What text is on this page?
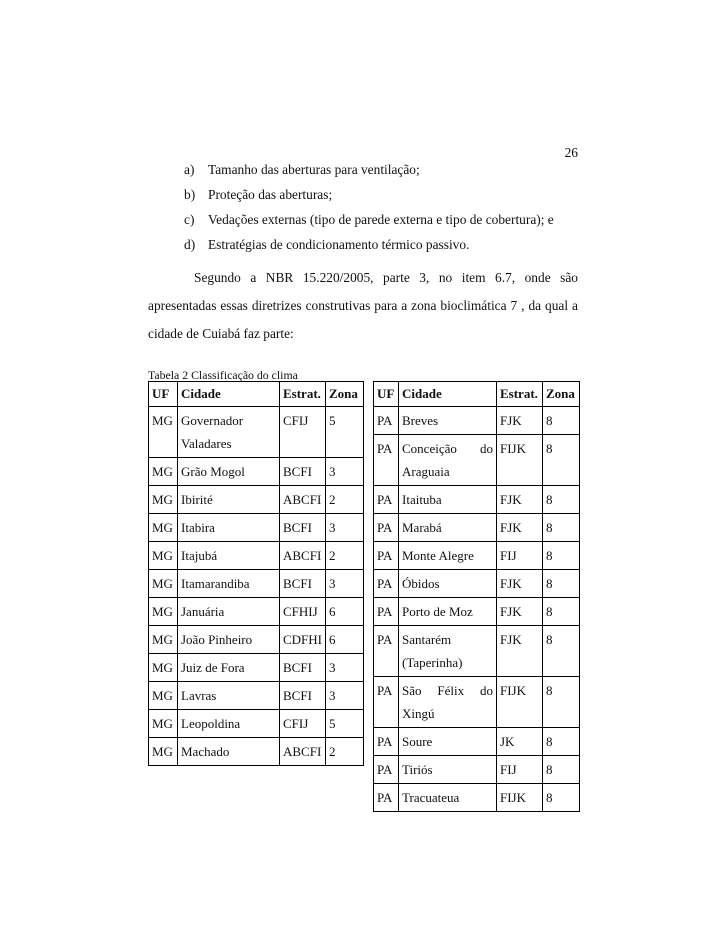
26
a) Tamanho das aberturas para ventilação;
b) Proteção das aberturas;
c) Vedações externas (tipo de parede externa e tipo de cobertura); e
d) Estratégias de condicionamento térmico passivo.
Segundo a NBR 15.220/2005, parte 3, no item 6.7, onde são
apresentadas essas diretrizes construtivas para a zona bioclimática 7 , da qual a
cidade de Cuiabá faz parte:
Tabela 2 Classificação do clima
UF	Cidade	Estrat.	Zona
MG	Governador Valadares	CFIJ	5
MG	Grão Mogol	BCFI	3
MG	Ibirité	ABCFI	2
MG	Itabira	BCFI	3
MG	Itajubá	ABCFI	2
MG	Itamarandiba	BCFI	3
MG	Januária	CFHIJ	6
MG	João Pinheiro	CDFHI	6
MG	Juiz de Fora	BCFI	3
MG	Lavras	BCFI	3
MG	Leopoldina	CFIJ	5
MG	Machado	ABCFI	2
UF	Cidade	Estrat.	Zona
PA	Breves	FJK	8
PA	Conceição do Araguaia	FIJK	8
PA	Itaituba	FJK	8
PA	Marabá	FJK	8
PA	Monte Alegre	FIJ	8
PA	Óbidos	FJK	8
PA	Porto de Moz	FJK	8
PA	Santarém (Taperinha)	FJK	8
PA	São Félix do Xingú	FIJK	8
PA	Soure	JK	8
PA	Tiriós	FIJ	8
PA	Tracuateua	FIJK	8
